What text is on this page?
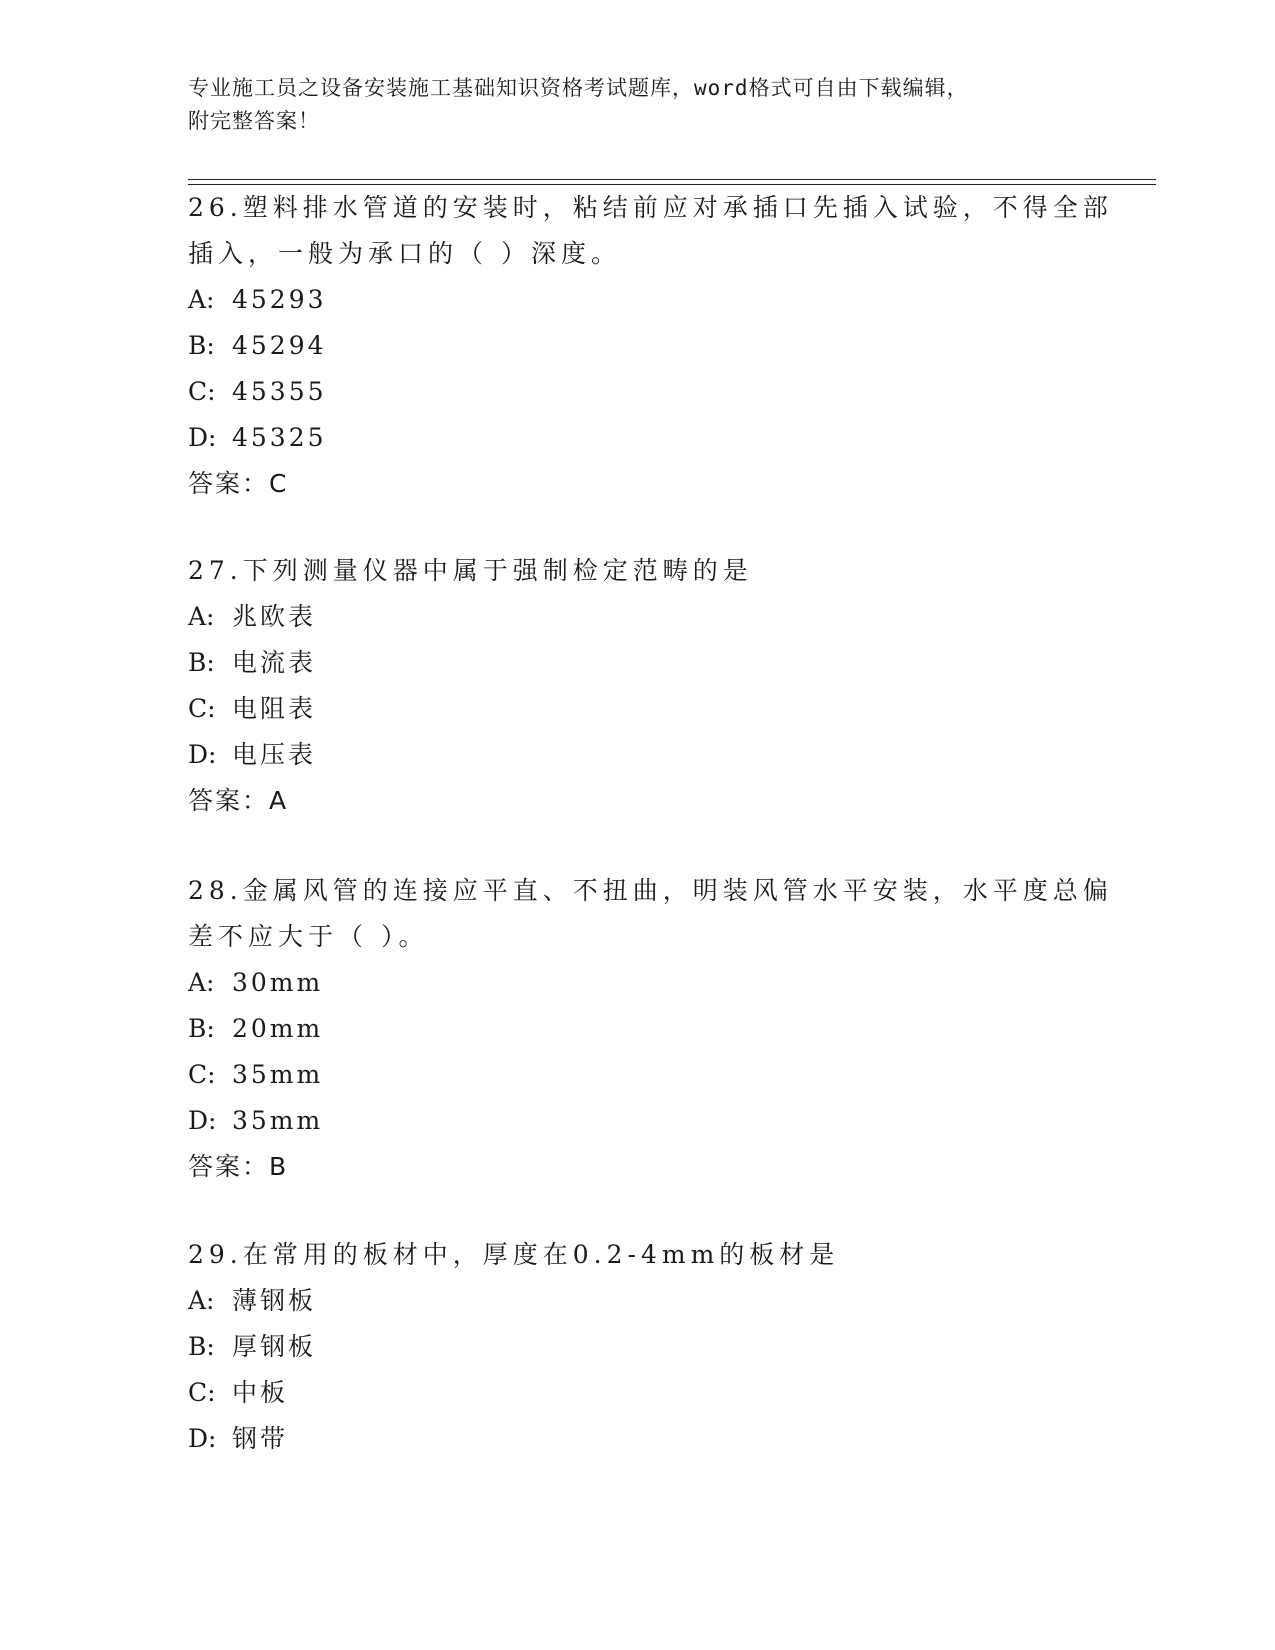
专业施工员之设备安装施工基础知识资格考试题库，word格式可自由下载编辑，
附完整答案！
26.塑料排水管道的安装时，粘结前应对承插口先插入试验，不得全部
插入，一般为承口的（ ）深度。
A: 45293
B: 45294
C: 45355
D: 45325
答案：C
27.下列测量仪器中属于强制检定范畴的是
A: 兆欧表
B: 电流表
C: 电阻表
D: 电压表
答案：A
28.金属风管的连接应平直、不扭曲，明装风管水平安装，水平度总偏
差不应大于（ ）。
A: 30mm
B: 20mm
C: 35mm
D: 35mm
答案：B
29.在常用的板材中，厚度在0.2-4mm的板材是
A: 薄钢板
B: 厚钢板
C: 中板
D: 钢带
